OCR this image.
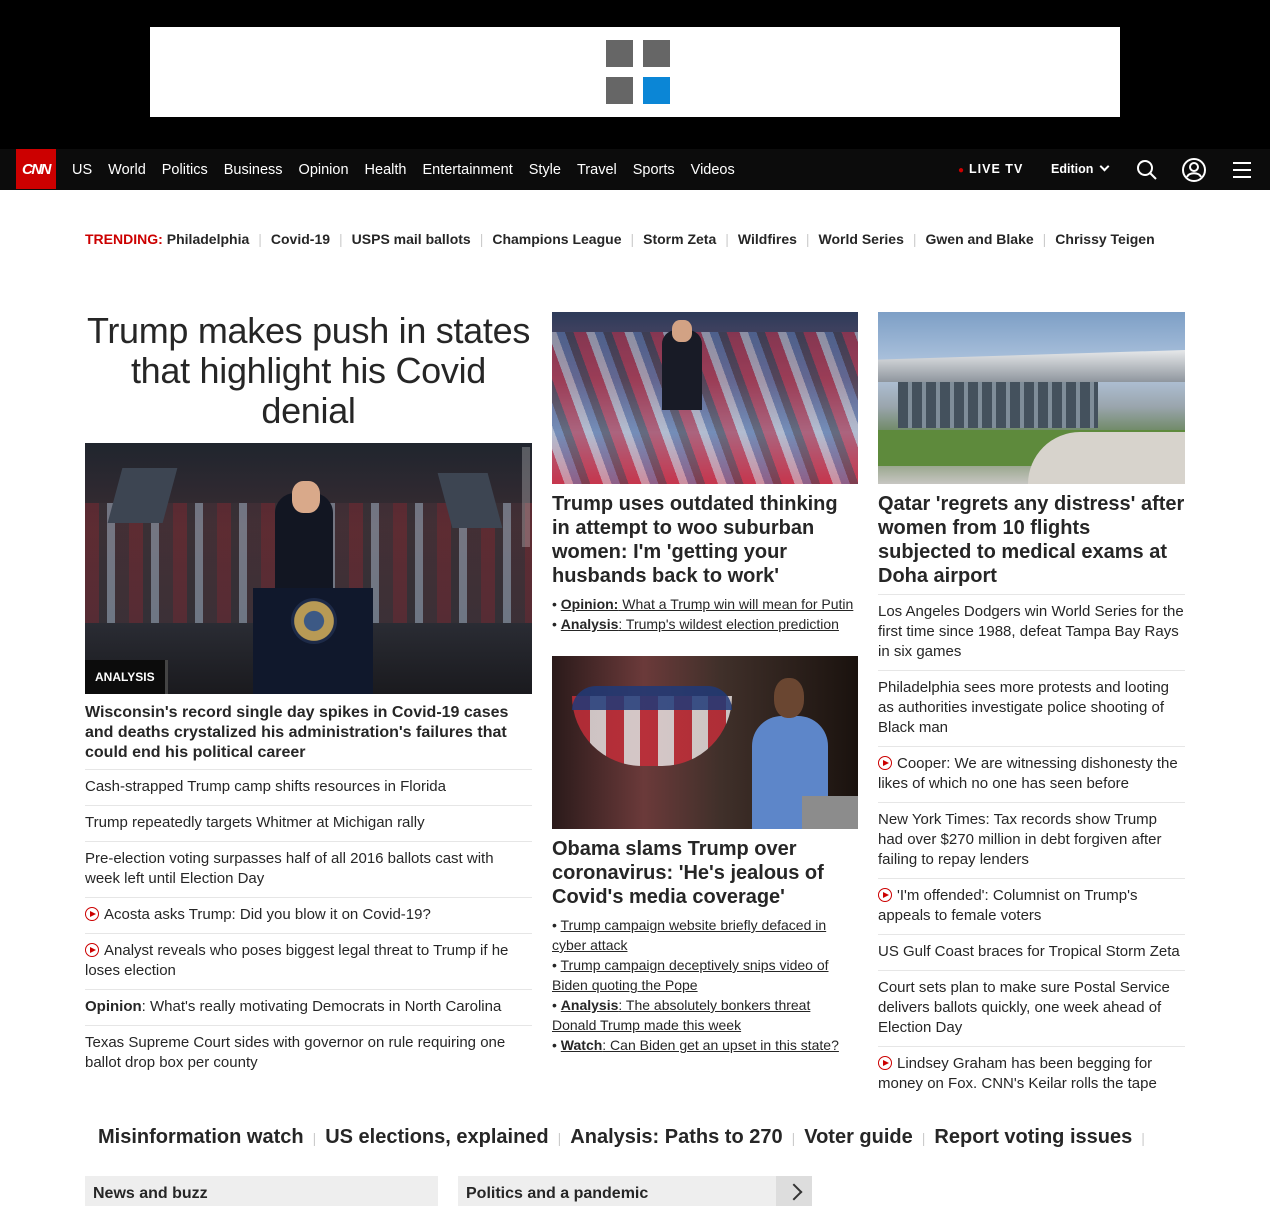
CNN	US World Politics Business Opinion Health Entertainment Style Travel Sports Videos	● LIVE TV Edition
TRENDING: Philadelphia | Covid-19 | USPS mail ballots | Champions League | Storm Zeta | Wildfires | World Series | Gwen and Blake | Chrissy Teigen
Trump makes push in states that highlight his Covid denial
ANALYSIS
Wisconsin's record single day spikes in Covid-19 cases and deaths crystalized his administration's failures that could end his political career
Cash-strapped Trump camp shifts resources in Florida
Trump repeatedly targets Whitmer at Michigan rally
Pre-election voting surpasses half of all 2016 ballots cast with week left until Election Day
Acosta asks Trump: Did you blow it on Covid-19?
Analyst reveals who poses biggest legal threat to Trump if he loses election
Opinion: What's really motivating Democrats in North Carolina
Texas Supreme Court sides with governor on rule requiring one ballot drop box per county
Trump uses outdated thinking in attempt to woo suburban women: I'm 'getting your husbands back to work'
• Opinion: What a Trump win will mean for Putin
• Analysis: Trump's wildest election prediction
Obama slams Trump over coronavirus: 'He's jealous of Covid's media coverage'
• Trump campaign website briefly defaced in cyber attack
• Trump campaign deceptively snips video of Biden quoting the Pope
• Analysis: The absolutely bonkers threat Donald Trump made this week
• Watch: Can Biden get an upset in this state?
Qatar 'regrets any distress' after women from 10 flights subjected to medical exams at Doha airport
Los Angeles Dodgers win World Series for the first time since 1988, defeat Tampa Bay Rays in six games
Philadelphia sees more protests and looting as authorities investigate police shooting of Black man
Cooper: We are witnessing dishonesty the likes of which no one has seen before
New York Times: Tax records show Trump had over $270 million in debt forgiven after failing to repay lenders
'I'm offended': Columnist on Trump's appeals to female voters
US Gulf Coast braces for Tropical Storm Zeta
Court sets plan to make sure Postal Service delivers ballots quickly, one week ahead of Election Day
Lindsey Graham has been begging for money on Fox. CNN's Keilar rolls the tape
Misinformation watch | US elections, explained | Analysis: Paths to 270 | Voter guide | Report voting issues |
News and buzz	Politics and a pandemic
